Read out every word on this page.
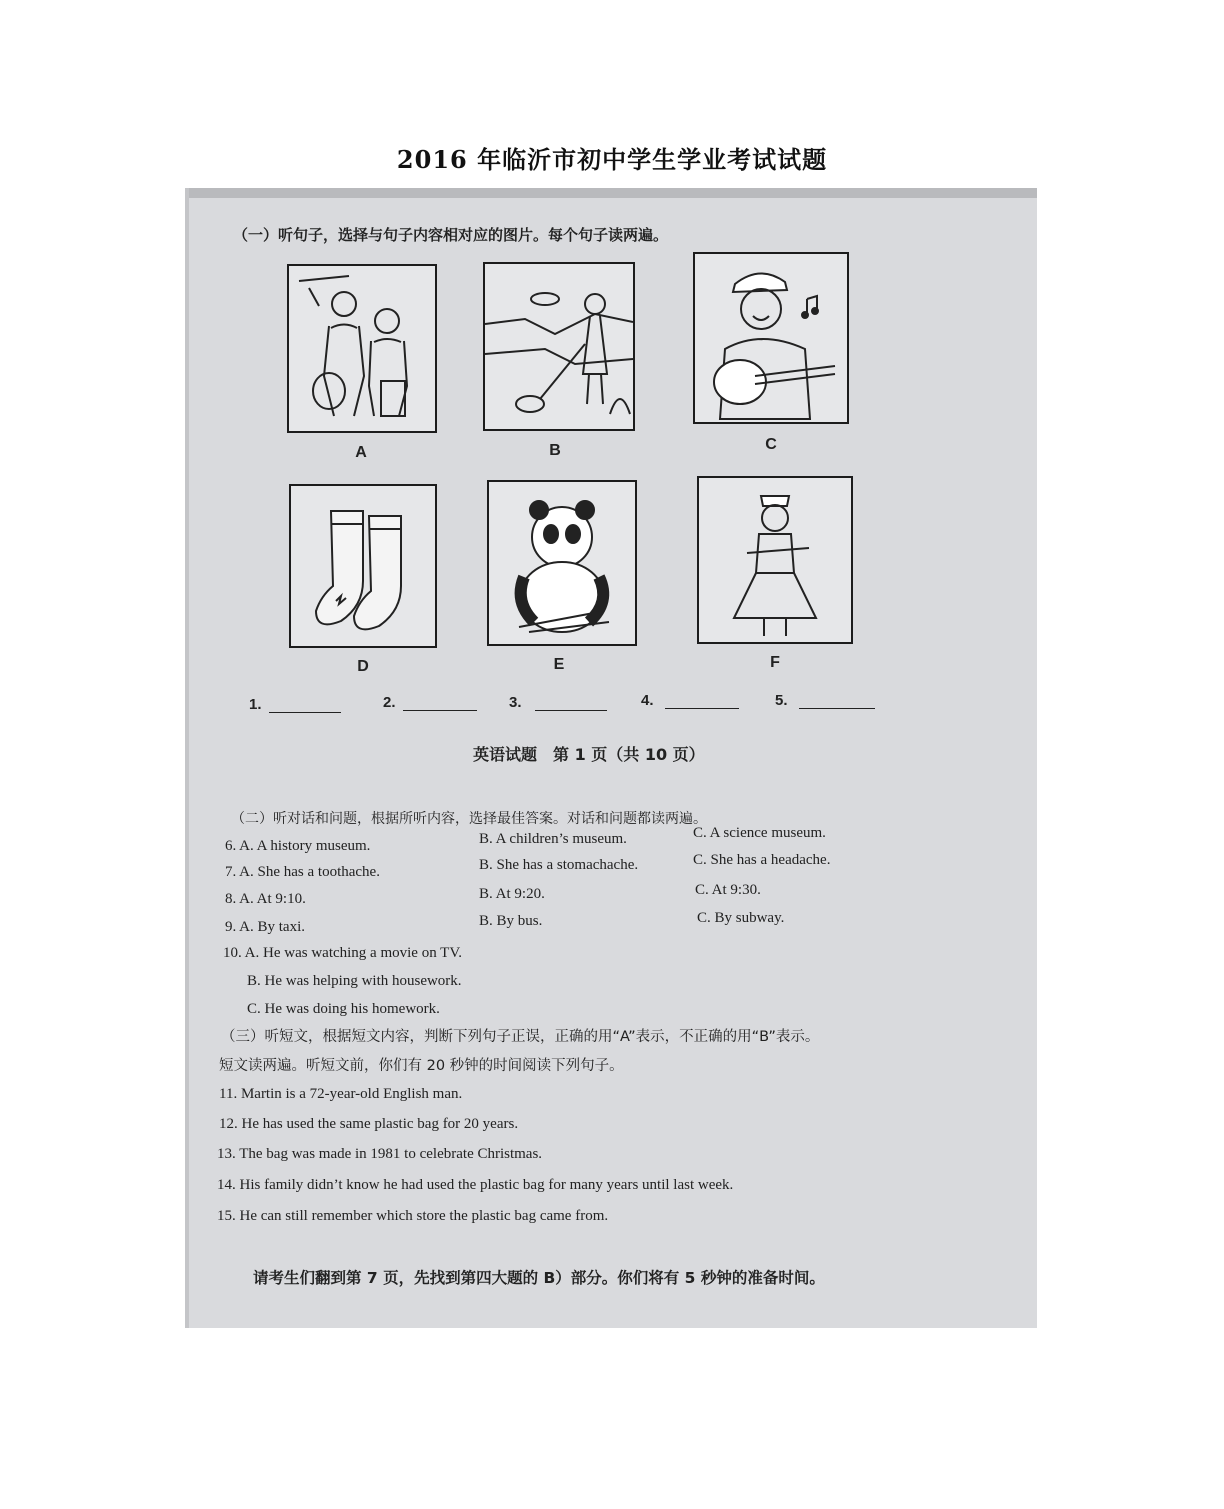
2016 年临沂市初中学生学业考试试题
（一）听句子，选择与句子内容相对应的图片。每个句子读两遍。
A	B	C
D	E	F
1.	2.	3.	4.	5.
英语试题　第 1 页（共 10 页）
（二）听对话和问题，根据所听内容，选择最佳答案。对话和问题都读两遍。
6. A. A history museum.	B. A children’s museum.	C. A science museum.
7. A. She has a toothache.	B. She has a stomachache.	C. She has a headache.
8. A. At 9:10.	B. At 9:20.	C. At 9:30.
9. A. By taxi.	B. By bus.	C. By subway.
10. A. He was watching a movie on TV.
B. He was helping with housework.
C. He was doing his homework.
（三）听短文，根据短文内容，判断下列句子正误，正确的用“A”表示，不正确的用“B”表示。
短文读两遍。听短文前，你们有 20 秒钟的时间阅读下列句子。
11. Martin is a 72-year-old English man.
12. He has used the same plastic bag for 20 years.
13. The bag was made in 1981 to celebrate Christmas.
14. His family didn’t know he had used the plastic bag for many years until last week.
15. He can still remember which store the plastic bag came from.
请考生们翻到第 7 页，先找到第四大题的 B）部分。你们将有 5 秒钟的准备时间。
